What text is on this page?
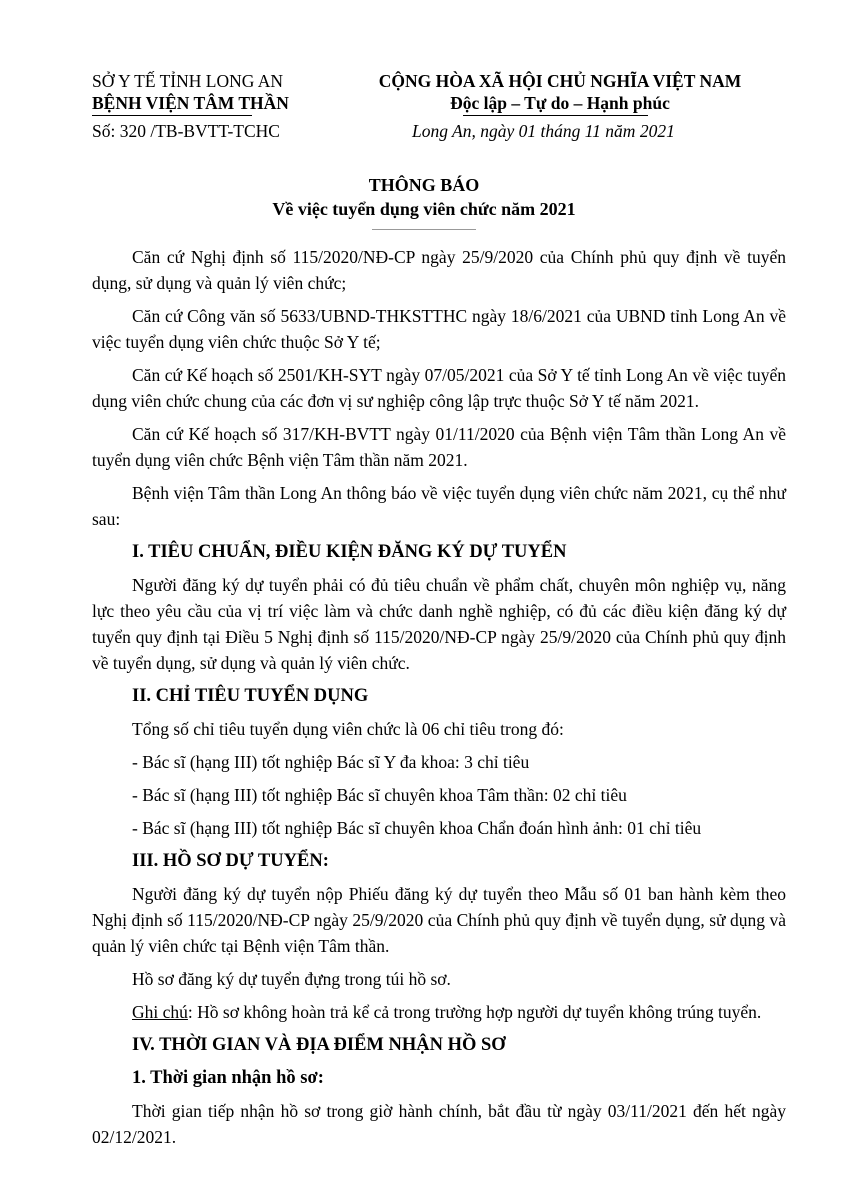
SỞ Y TẾ TỈNH LONG AN
BỆNH VIỆN TÂM THẦN
Số: 320 /TB-BVTT-TCHC
CỘNG HÒA XÃ HỘI CHỦ NGHĨA VIỆT NAM
Độc lập – Tự do – Hạnh phúc
Long An, ngày 01 tháng 11 năm 2021
THÔNG BÁO
Về việc tuyển dụng viên chức năm 2021

Căn cứ Nghị định số 115/2020/NĐ-CP ngày 25/9/2020 của Chính phủ quy định về tuyển dụng, sử dụng và quản lý viên chức;

Căn cứ Công văn số 5633/UBND-THKSTTHC ngày 18/6/2021 của UBND tỉnh Long An về việc tuyển dụng viên chức thuộc Sở Y tế;

Căn cứ Kế hoạch số 2501/KH-SYT ngày 07/05/2021 của Sở Y tế tỉnh Long An về việc tuyển dụng viên chức chung của các đơn vị sư nghiệp công lập trực thuộc Sở Y tế năm 2021.

Căn cứ Kế hoạch số 317/KH-BVTT ngày 01/11/2020 của Bệnh viện Tâm thần Long An về tuyển dụng viên chức Bệnh viện Tâm thần năm 2021.

Bệnh viện Tâm thần Long An thông báo về việc tuyển dụng viên chức năm 2021, cụ thể như sau:

I. TIÊU CHUẨN, ĐIỀU KIỆN ĐĂNG KÝ DỰ TUYỂN

Người đăng ký dự tuyển phải có đủ tiêu chuẩn về phẩm chất, chuyên môn nghiệp vụ, năng lực theo yêu cầu của vị trí việc làm và chức danh nghề nghiệp, có đủ các điều kiện đăng ký dự tuyển quy định tại Điều 5 Nghị định số 115/2020/NĐ-CP ngày 25/9/2020 của Chính phủ quy định về tuyển dụng, sử dụng và quản lý viên chức.

II. CHỈ TIÊU TUYỂN DỤNG

Tổng số chỉ tiêu tuyển dụng viên chức là 06 chỉ tiêu trong đó:

- Bác sĩ (hạng III) tốt nghiệp Bác sĩ Y đa khoa: 3 chỉ tiêu

- Bác sĩ (hạng III) tốt nghiệp Bác sĩ chuyên khoa Tâm thần: 02 chỉ tiêu

- Bác sĩ (hạng III) tốt nghiệp Bác sĩ chuyên khoa Chẩn đoán hình ảnh: 01 chỉ tiêu

III. HỒ SƠ DỰ TUYỂN:

Người đăng ký dự tuyển nộp Phiếu đăng ký dự tuyển theo Mẫu số 01 ban hành kèm theo Nghị định số 115/2020/NĐ-CP ngày 25/9/2020 của Chính phủ quy định về tuyển dụng, sử dụng và quản lý viên chức tại Bệnh viện Tâm thần.

Hồ sơ đăng ký dự tuyển đựng trong túi hồ sơ.

Ghi chú: Hồ sơ không hoàn trả kể cả trong trường hợp người dự tuyển không trúng tuyển.

IV. THỜI GIAN VÀ ĐỊA ĐIỂM NHẬN HỒ SƠ
1. Thời gian nhận hồ sơ:

Thời gian tiếp nhận hồ sơ trong giờ hành chính, bắt đầu từ ngày 03/11/2021 đến hết ngày 02/12/2021.
